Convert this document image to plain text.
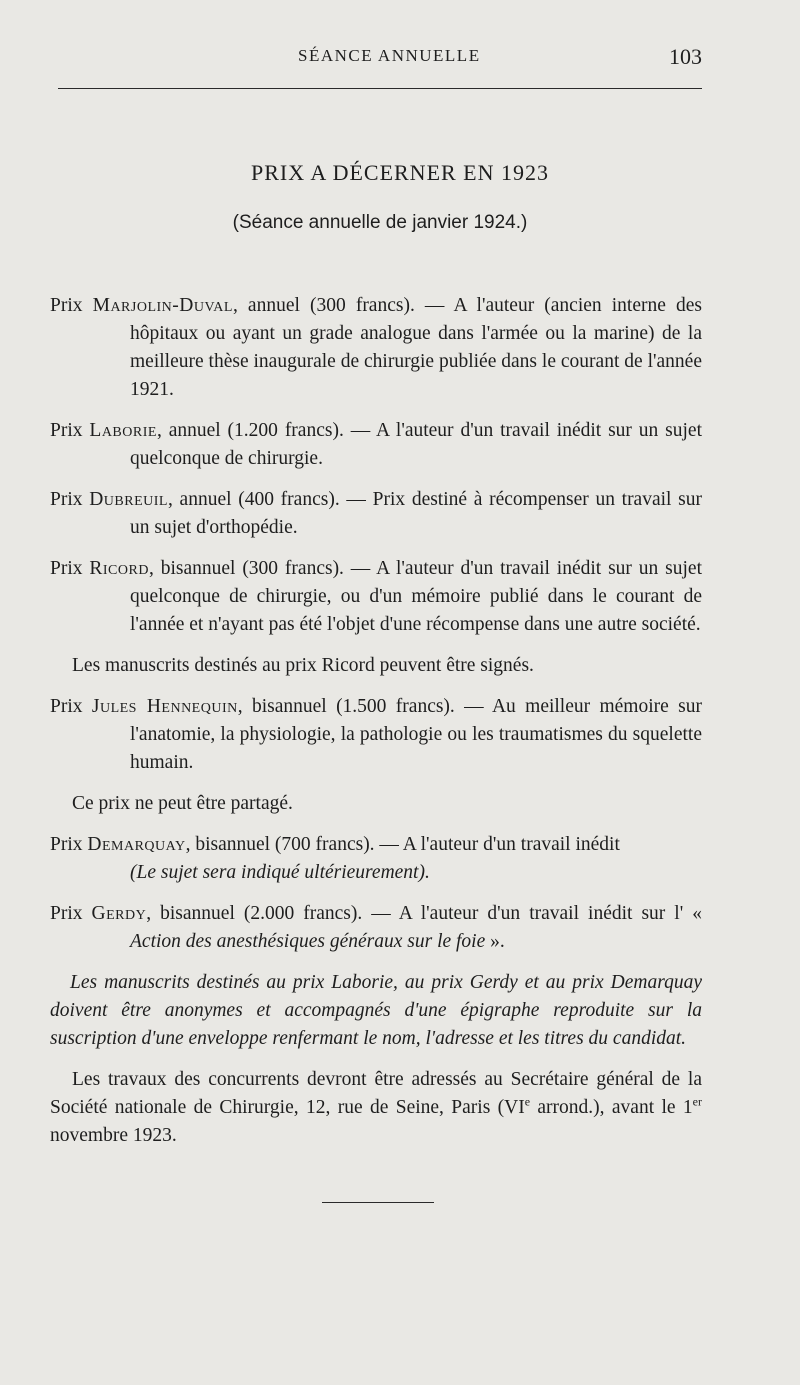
SÉANCE ANNUELLE	103
PRIX A DÉCERNER EN 1923
(Séance annuelle de janvier 1924.)

Prix Marjolin-Duval, annuel (300 francs). — A l'auteur (ancien interne des hôpitaux ou ayant un grade analogue dans l'armée ou la marine) de la meilleure thèse inaugurale de chirurgie publiée dans le courant de l'année 1921.

Prix Laborie, annuel (1.200 francs). — A l'auteur d'un travail inédit sur un sujet quelconque de chirurgie.

Prix Dubreuil, annuel (400 francs). — Prix destiné à récompenser un travail sur un sujet d'orthopédie.

Prix Ricord, bisannuel (300 francs). — A l'auteur d'un travail inédit sur un sujet quelconque de chirurgie, ou d'un mémoire publié dans le courant de l'année et n'ayant pas été l'objet d'une récompense dans une autre société.

Les manuscrits destinés au prix Ricord peuvent être signés.

Prix Jules Hennequin, bisannuel (1.500 francs). — Au meilleur mémoire sur l'anatomie, la physiologie, la pathologie ou les traumatismes du squelette humain.

Ce prix ne peut être partagé.

Prix Demarquay, bisannuel (700 francs). — A l'auteur d'un travail inédit
(Le sujet sera indiqué ultérieurement).

Prix Gerdy, bisannuel (2.000 francs). — A l'auteur d'un travail inédit sur l' « Action des anesthésiques généraux sur le foie ».

Les manuscrits destinés au prix Laborie, au prix Gerdy et au prix Demarquay doivent être anonymes et accompagnés d'une épigraphe reproduite sur la suscription d'une enveloppe renfermant le nom, l'adresse et les titres du candidat.

Les travaux des concurrents devront être adressés au Secrétaire général de la Société nationale de Chirurgie, 12, rue de Seine, Paris (VIe arrond.), avant le 1er novembre 1923.
